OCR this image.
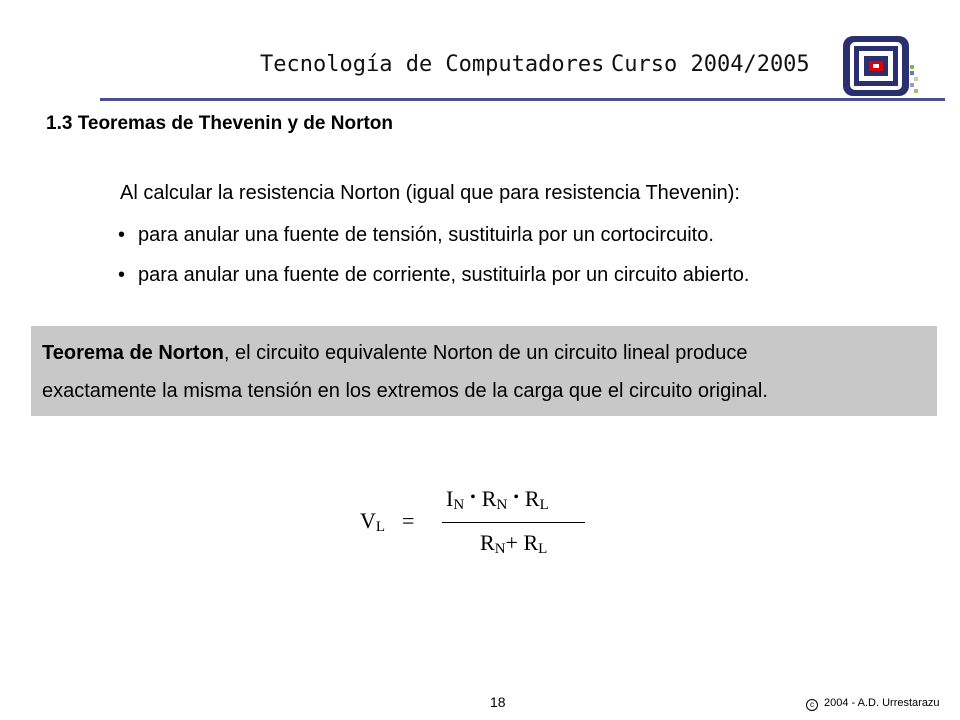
Tecnología de Computadores Curso 2004/2005
1.3 Teoremas de Thevenin y de Norton
Al calcular la resistencia Norton (igual que para resistencia Thevenin):
• para anular una fuente de tensión, sustituirla por un cortocircuito.
• para anular una fuente de corriente, sustituirla por un circuito abierto.
Teorema de Norton, el circuito equivalente Norton de un circuito lineal produce
exactamente la misma tensión en los extremos de la carga que el circuito original.
$V_L$ =
$I_N$ • $R_N$ • $R_L$
$R_N+ R_L$
18	c 2004 - A.D. Urrestarazu
